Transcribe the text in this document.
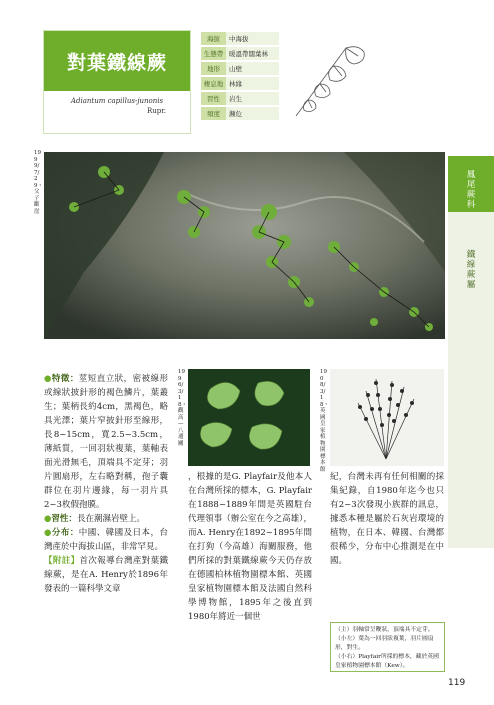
對葉鐵線蕨
Adiantum capillus-junonis
Rupr.
海拔	中海拔
生態帶 暖溫帶闊葉林
地形	山壁
棲息地 林緣
習性	岩生
頻度	瀕危
鳳尾蕨科
鐵線蕨屬
1999/7/29・父子斷崖
1996/3/18・觀高 — 八通關
1908/3/18・英國皇家植物園標本館

●特徵：莖短直立狀，密被線形或線狀披針形的褐色鱗片，葉叢生；葉柄長約4cm，黑褐色，略具光澤；葉片窄披針形至線形，長8~15cm，寬2.5~3.5cm，薄紙質，一回羽狀複葉，葉軸表面光滑無毛，頂端具不定芽；羽片圓扇形，左右略對稱，孢子囊群位在羽片邊緣，每一羽片具2~3枚假孢膜。

●習性：長在潮濕岩壁上。

●分布：中國、韓國及日本，台灣產於中海拔山區，非常罕見。

【附註】首次報導台灣產對葉鐵線蕨，是在A. Henry於1896年發表的一篇科學文章

，根據的是G. Playfair及他本人在台灣所採的標本，G. Playfair在1888~1889年間是英國駐台代理領事（辦公室在今之高雄），而A. Henry在1892~1895年間在打狗（今高雄）海關服務，他們所採的對葉鐵線蕨今天仍存放在德國柏林植物園標本館、英國皇家植物園標本館及法國自然科學博物館，1895年之後直到1980年將近一個世

紀，台灣未再有任何相關的採集紀錄，自1980年迄今也只有2~3次發現小族群的訊息，據悉本種是屬於石灰岩環境的植物，在日本、韓國、台灣都很稀少，分布中心推測是在中國。

（主）羽軸常呈鞭狀，頂端具不定芽。
（小左）葉為一回羽狀複葉，羽片圓扇形，對生。
（小右）Playfair所採的標本，藏於英國皇家植物園標本館（Kew）。
119
